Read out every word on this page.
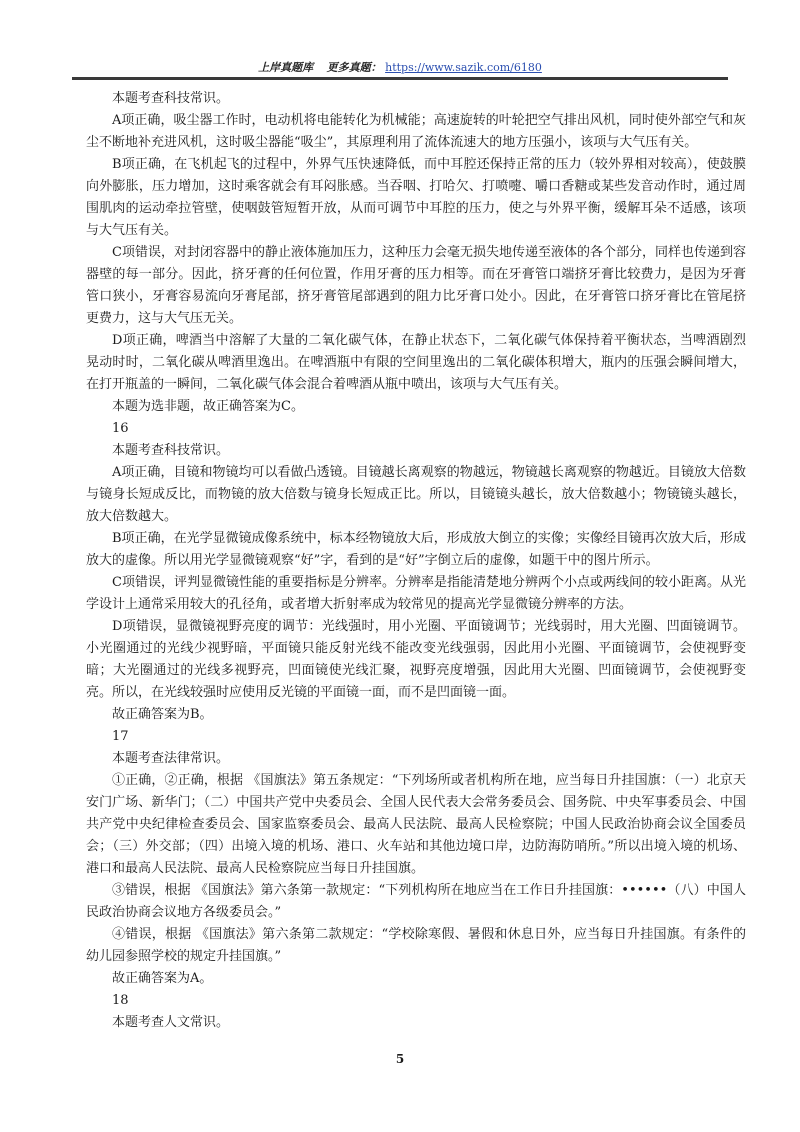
上岸真题库 更多真题： https://www.sazik.com/6180

本题考查科技常识。

A项正确，吸尘器工作时，电动机将电能转化为机械能；高速旋转的叶轮把空气排出风机，同时使外部空气和灰尘不断地补充进风机，这时吸尘器能“吸尘”，其原理利用了流体流速大的地方压强小，该项与大气压有关。

B项正确，在飞机起飞的过程中，外界气压快速降低，而中耳腔还保持正常的压力（较外界相对较高），使鼓膜向外膨胀，压力增加，这时乘客就会有耳闷胀感。当吞咽、打哈欠、打喷嚏、嚼口香糖或某些发音动作时，通过周围肌肉的运动牵拉管壁，使咽鼓管短暂开放，从而可调节中耳腔的压力，使之与外界平衡，缓解耳朵不适感，该项与大气压有关。

C项错误，对封闭容器中的静止液体施加压力，这种压力会毫无损失地传递至液体的各个部分，同样也传递到容器壁的每一部分。因此，挤牙膏的任何位置，作用牙膏的压力相等。而在牙膏管口端挤牙膏比较费力，是因为牙膏管口狭小，牙膏容易流向牙膏尾部，挤牙膏管尾部遇到的阻力比牙膏口处小。因此，在牙膏管口挤牙膏比在管尾挤更费力，这与大气压无关。

D项正确，啤酒当中溶解了大量的二氧化碳气体，在静止状态下，二氧化碳气体保持着平衡状态，当啤酒剧烈晃动时时，二氧化碳从啤酒里逸出。在啤酒瓶中有限的空间里逸出的二氧化碳体积增大，瓶内的压强会瞬间增大，在打开瓶盖的一瞬间，二氧化碳气体会混合着啤酒从瓶中喷出，该项与大气压有关。

本题为选非题，故正确答案为C。

16

本题考查科技常识。

A项正确，目镜和物镜均可以看做凸透镜。目镜越长离观察的物越远，物镜越长离观察的物越近。目镜放大倍数与镜身长短成反比，而物镜的放大倍数与镜身长短成正比。所以，目镜镜头越长，放大倍数越小；物镜镜头越长，放大倍数越大。

B项正确，在光学显微镜成像系统中，标本经物镜放大后，形成放大倒立的实像；实像经目镜再次放大后，形成放大的虚像。所以用光学显微镜观察“好”字，看到的是“好”字倒立后的虚像，如题干中的图片所示。

C项错误，评判显微镜性能的重要指标是分辨率。分辨率是指能清楚地分辨两个小点或两线间的较小距离。从光学设计上通常采用较大的孔径角，或者增大折射率成为较常见的提高光学显微镜分辨率的方法。

D项错误，显微镜视野亮度的调节：光线强时，用小光圈、平面镜调节；光线弱时，用大光圈、凹面镜调节。小光圈通过的光线少视野暗，平面镜只能反射光线不能改变光线强弱，因此用小光圈、平面镜调节，会使视野变暗；大光圈通过的光线多视野亮，凹面镜使光线汇聚，视野亮度增强，因此用大光圈、凹面镜调节，会使视野变亮。所以，在光线较强时应使用反光镜的平面镜一面，而不是凹面镜一面。

故正确答案为B。

17

本题考查法律常识。

①正确，②正确，根据 《国旗法》第五条规定：“下列场所或者机构所在地，应当每日升挂国旗：（一）北京天安门广场、新华门；（二）中国共产党中央委员会、全国人民代表大会常务委员会、国务院、中央军事委员会、中国共产党中央纪律检查委员会、国家监察委员会、最高人民法院、最高人民检察院；中国人民政治协商会议全国委员会；（三）外交部；（四）出境入境的机场、港口、火车站和其他边境口岸，边防海防哨所。”所以出境入境的机场、港口和最高人民法院、最高人民检察院应当每日升挂国旗。

③错误，根据 《国旗法》第六条第一款规定：“下列机构所在地应当在工作日升挂国旗：••••••（八）中国人民政治协商会议地方各级委员会。”

④错误，根据 《国旗法》第六条第二款规定：“学校除寒假、暑假和休息日外，应当每日升挂国旗。有条件的幼儿园参照学校的规定升挂国旗。”

故正确答案为A。

18

本题考查人文常识。

5
